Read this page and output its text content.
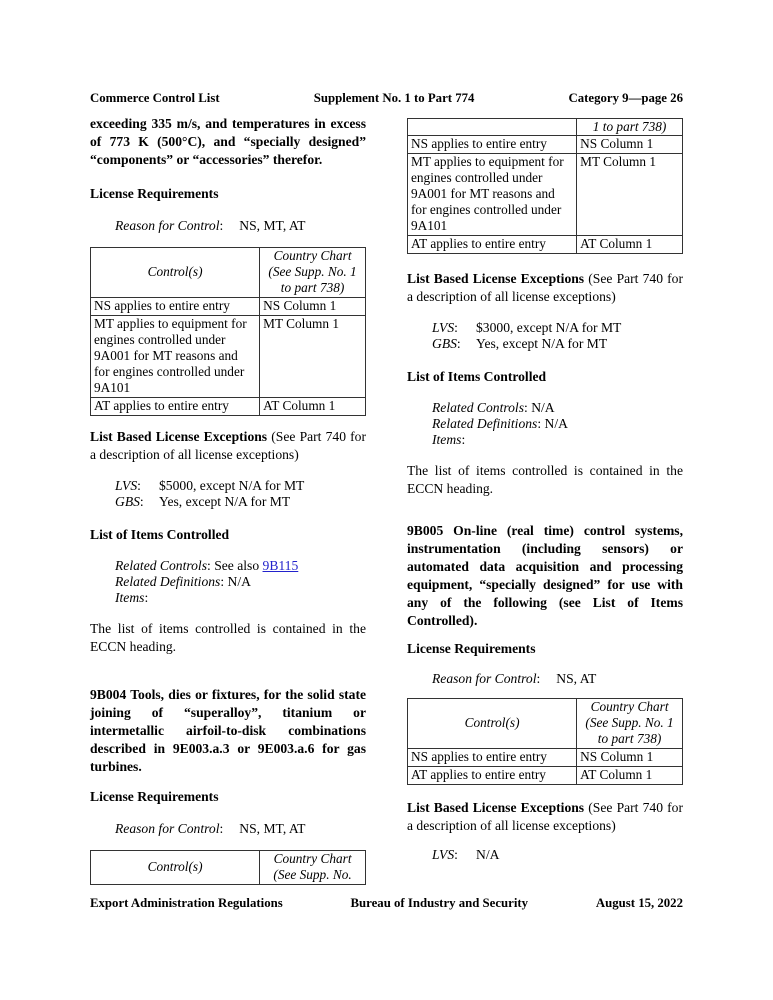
Commerce Control List	Supplement No. 1 to Part 774	Category 9—page 26

exceeding 335 m/s, and temperatures in excess of 773 K (500°C), and “specially designed” “components” or “accessories” therefor.

License Requirements

Reason for Control: NS, MT, AT

Control(s)	Country Chart (See Supp. No. 1 to part 738)
NS applies to entire entry	NS Column 1
MT applies to equipment for engines controlled under 9A001 for MT reasons and for engines controlled under 9A101	MT Column 1
AT applies to entire entry	AT Column 1

List Based License Exceptions (See Part 740 for a description of all license exceptions)

LVS: $5000, except N/A for MT
GBS: Yes, except N/A for MT

List of Items Controlled

Related Controls: See also 9B115
Related Definitions: N/A
Items:

The list of items controlled is contained in the ECCN heading.

9B004 Tools, dies or fixtures, for the solid state joining of “superalloy”, titanium or intermetallic airfoil-to-disk combinations described in 9E003.a.3 or 9E003.a.6 for gas turbines.

License Requirements

Reason for Control: NS, MT, AT

Control(s)	Country Chart (See Supp. No.
	1 to part 738)
NS applies to entire entry	NS Column 1
MT applies to equipment for engines controlled under 9A001 for MT reasons and for engines controlled under 9A101	MT Column 1
AT applies to entire entry	AT Column 1

List Based License Exceptions (See Part 740 for a description of all license exceptions)

LVS: $3000, except N/A for MT
GBS: Yes, except N/A for MT

List of Items Controlled

Related Controls: N/A
Related Definitions: N/A
Items:

The list of items controlled is contained in the ECCN heading.

9B005 On-line (real time) control systems, instrumentation (including sensors) or automated data acquisition and processing equipment, “specially designed” for use with any of the following (see List of Items Controlled).

License Requirements

Reason for Control: NS, AT

Control(s)	Country Chart (See Supp. No. 1 to part 738)
NS applies to entire entry	NS Column 1
AT applies to entire entry	AT Column 1

List Based License Exceptions (See Part 740 for a description of all license exceptions)

LVS: N/A
Export Administration Regulations	Bureau of Industry and Security	August 15, 2022
